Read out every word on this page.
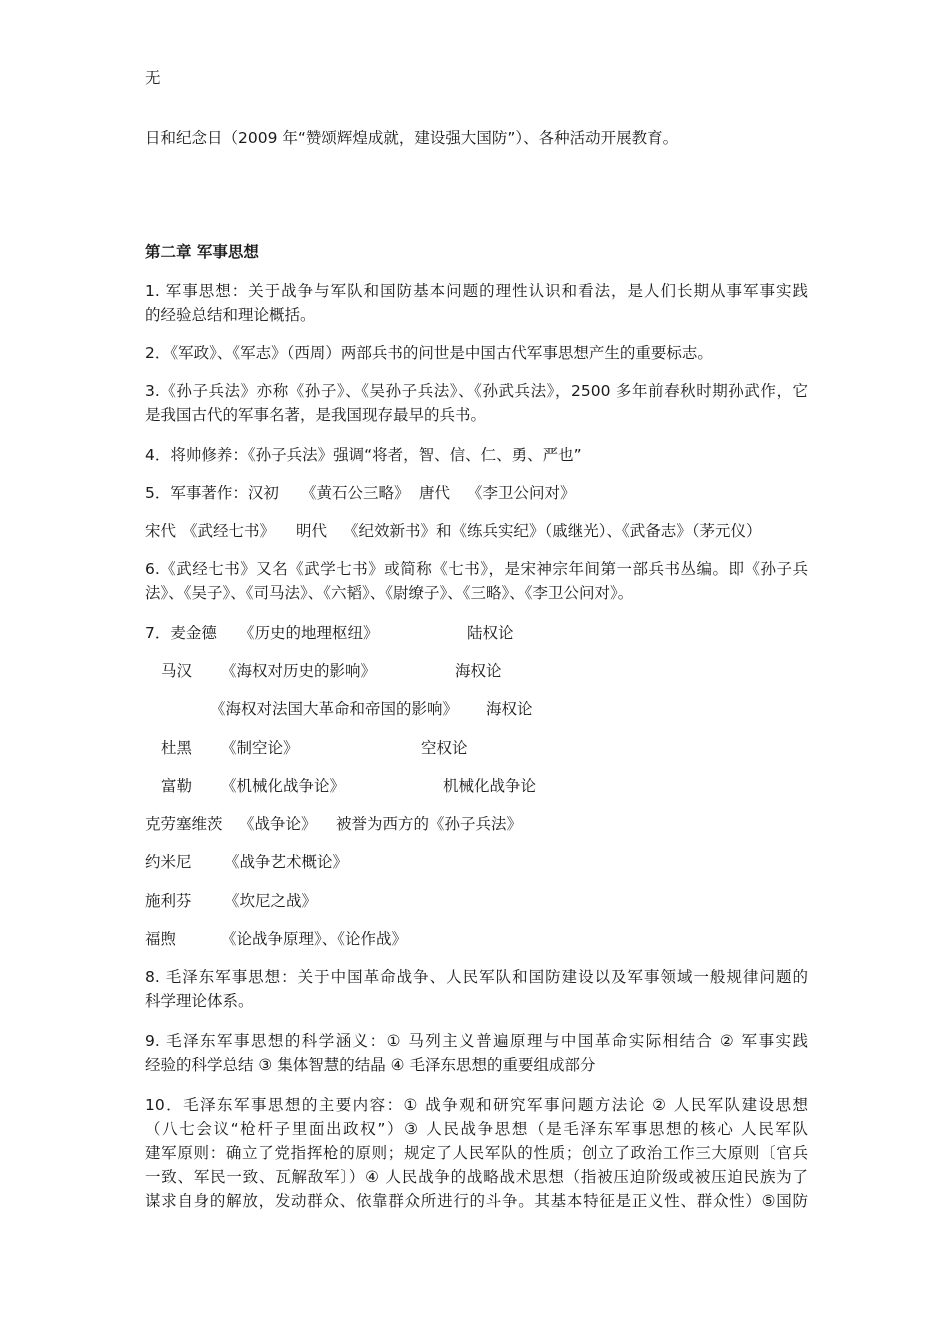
无

日和纪念日（2009 年“赞颂辉煌成就，建设强大国防”）、各种活动开展教育。

第二章 军事思想

1. 军事思想：关于战争与军队和国防基本问题的理性认识和看法，是人们长期从事军事实践
的经验总结和理论概括。

2．《军政》、《军志》（西周）两部兵书的问世是中国古代军事思想产生的重要标志。

3.《孙子兵法》亦称《孙子》、《吴孙子兵法》、《孙武兵法》，2500 多年前春秋时期孙武作，它
是我国古代的军事名著，是我国现存最早的兵书。

4．将帅修养：《孙子兵法》强调“将者，智、信、仁、勇、严也”

5．军事著作：汉初 《黄石公三略》 唐代 《李卫公问对》
宋代 《武经七书》 明代 《纪效新书》和《练兵实纪》（戚继光）、《武备志》（茅元仪）
6.《武经七书》又名《武学七书》或简称《七书》，是宋神宗年间第一部兵书丛编。即《孙子兵
法》、《吴子》、《司马法》、《六韬》、《尉缭子》、《三略》、《李卫公问对》。
7．麦金德 《历史的地理枢纽》	陆权论
马汉 《海权对历史的影响》	海权论
《海权对法国大革命和帝国的影响》 海权论
杜黑 《制空论》	空权论
富勒 《机械化战争论》	机械化战争论
克劳塞维茨 《战争论》 被誉为西方的《孙子兵法》
约米尼 《战争艺术概论》
施利芬 《坎尼之战》
福煦	《论战争原理》、《论作战》
8. 毛泽东军事思想：关于中国革命战争、人民军队和国防建设以及军事领域一般规律问题的
科学理论体系。
9. 毛泽东军事思想的科学涵义：① 马列主义普遍原理与中国革命实际相结合 ② 军事实践
经验的科学总结 ③ 集体智慧的结晶 ④ 毛泽东思想的重要组成部分
10．毛泽东军事思想的主要内容：① 战争观和研究军事问题方法论 ② 人民军队建设思想
（八七会议“枪杆子里面出政权”）③ 人民战争思想（是毛泽东军事思想的核心 人民军队
建军原则：确立了党指挥枪的原则；规定了人民军队的性质；创立了政治工作三大原则〔官兵
一致、军民一致、瓦解敌军〕）④ 人民战争的战略战术思想（指被压迫阶级或被压迫民族为了
谋求自身的解放，发动群众、依靠群众所进行的斗争。其基本特征是正义性、群众性）⑤国防
